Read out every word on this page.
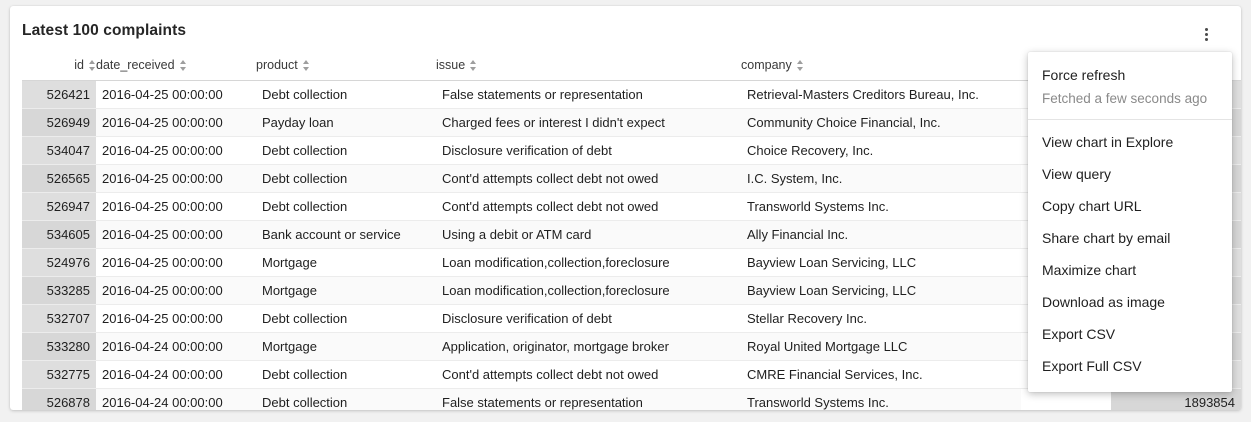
Latest 100 complaints
id	date_received	product	issue	company		

526421	2016-04-25 00:00:00	Debt collection	False statements or representation	Retrieval-Masters Creditors Bureau, Inc.		
526949	2016-04-25 00:00:00	Payday loan	Charged fees or interest I didn't expect	Community Choice Financial, Inc.		
534047	2016-04-25 00:00:00	Debt collection	Disclosure verification of debt	Choice Recovery, Inc.		
526565	2016-04-25 00:00:00	Debt collection	Cont'd attempts collect debt not owed	I.C. System, Inc.		
526947	2016-04-25 00:00:00	Debt collection	Cont'd attempts collect debt not owed	Transworld Systems Inc.		
534605	2016-04-25 00:00:00	Bank account or service	Using a debit or ATM card	Ally Financial Inc.		
524976	2016-04-25 00:00:00	Mortgage	Loan modification,collection,foreclosure	Bayview Loan Servicing, LLC		
533285	2016-04-25 00:00:00	Mortgage	Loan modification,collection,foreclosure	Bayview Loan Servicing, LLC		
532707	2016-04-25 00:00:00	Debt collection	Disclosure verification of debt	Stellar Recovery Inc.		
533280	2016-04-24 00:00:00	Mortgage	Application, originator, mortgage broker	Royal United Mortgage LLC		
532775	2016-04-24 00:00:00	Debt collection	Cont'd attempts collect debt not owed	CMRE Financial Services, Inc.		
526878	2016-04-24 00:00:00	Debt collection	False statements or representation	Transworld Systems Inc.		1893854
Force refresh
Fetched a few seconds ago
View chart in Explore
View query
Copy chart URL
Share chart by email
Maximize chart
Download as image
Export CSV
Export Full CSV
